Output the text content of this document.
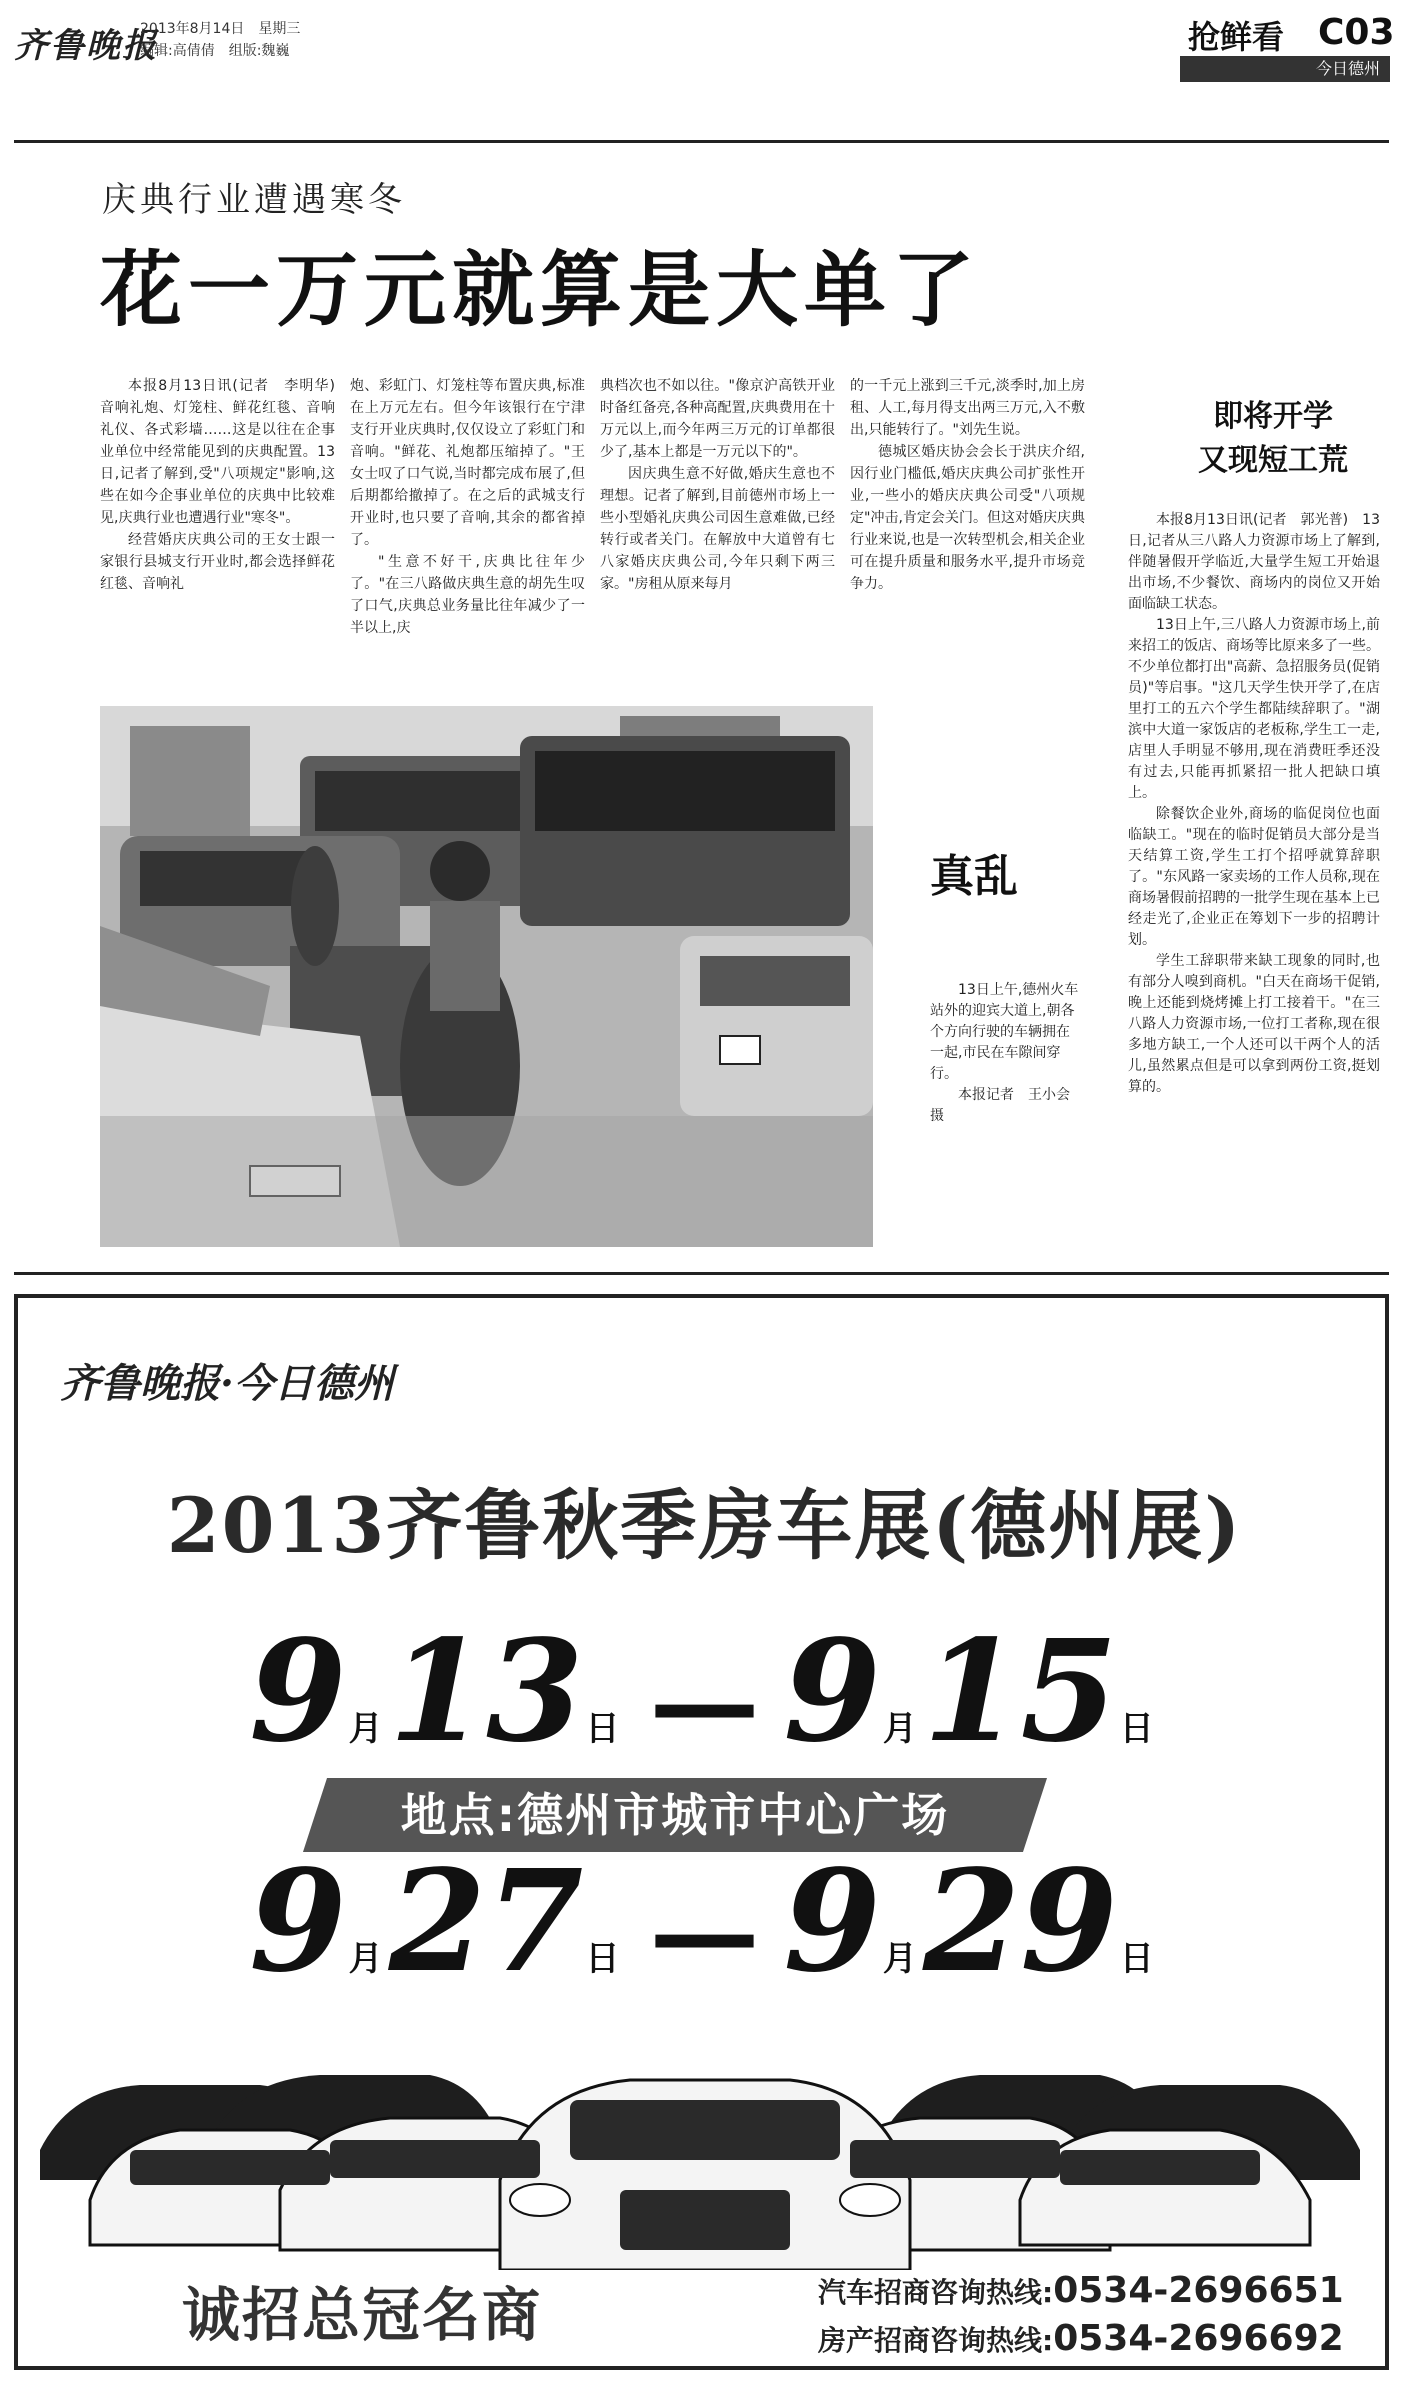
齐鲁晚报
2013年8月14日　星期三
编辑:高倩倩　组版:魏巍	抢鲜看 C03
今日德州
庆典行业遭遇寒冬
花一万元就算是大单了

本报8月13日讯(记者　李明华)　音响礼炮、灯笼柱、鲜花红毯、音响礼仪、各式彩墙……这是以往在企事业单位中经常能见到的庆典配置。13日,记者了解到,受"八项规定"影响,这些在如今企事业单位的庆典中比较难见,庆典行业也遭遇行业"寒冬"。

经营婚庆庆典公司的王女士跟一家银行县城支行开业时,都会选择鲜花红毯、音响礼

炮、彩虹门、灯笼柱等布置庆典,标准在上万元左右。但今年该银行在宁津支行开业庆典时,仅仅设立了彩虹门和音响。"鲜花、礼炮都压缩掉了。"王女士叹了口气说,当时都完成布展了,但后期都给撤掉了。在之后的武城支行开业时,也只要了音响,其余的都省掉了。

"生意不好干,庆典比往年少了。"在三八路做庆典生意的胡先生叹了口气,庆典总业务量比往年减少了一半以上,庆

典档次也不如以往。"像京沪高铁开业时备红备亮,各种高配置,庆典费用在十万元以上,而今年两三万元的订单都很少了,基本上都是一万元以下的"。

因庆典生意不好做,婚庆生意也不理想。记者了解到,目前德州市场上一些小型婚礼庆典公司因生意难做,已经转行或者关门。在解放中大道曾有七八家婚庆庆典公司,今年只剩下两三家。"房租从原来每月

的一千元上涨到三千元,淡季时,加上房租、人工,每月得支出两三万元,入不敷出,只能转行了。"刘先生说。

德城区婚庆协会会长于洪庆介绍,因行业门槛低,婚庆庆典公司扩张性开业,一些小的婚庆庆典公司受"八项规定"冲击,肯定会关门。但这对婚庆庆典行业来说,也是一次转型机会,相关企业可在提升质量和服务水平,提升市场竞争力。

即将开学
又现短工荒

本报8月13日讯(记者　郭光普)　13日,记者从三八路人力资源市场上了解到,伴随暑假开学临近,大量学生短工开始退出市场,不少餐饮、商场内的岗位又开始面临缺工状态。

13日上午,三八路人力资源市场上,前来招工的饭店、商场等比原来多了一些。不少单位都打出"高薪、急招服务员(促销员)"等启事。"这几天学生快开学了,在店里打工的五六个学生都陆续辞职了。"湖滨中大道一家饭店的老板称,学生工一走,店里人手明显不够用,现在消费旺季还没有过去,只能再抓紧招一批人把缺口填上。

除餐饮企业外,商场的临促岗位也面临缺工。"现在的临时促销员大部分是当天结算工资,学生工打个招呼就算辞职了。"东风路一家卖场的工作人员称,现在商场暑假前招聘的一批学生现在基本上已经走光了,企业正在筹划下一步的招聘计划。

学生工辞职带来缺工现象的同时,也有部分人嗅到商机。"白天在商场干促销,晚上还能到烧烤摊上打工接着干。"在三八路人力资源市场,一位打工者称,现在很多地方缺工,一个人还可以干两个人的活儿,虽然累点但是可以拿到两份工资,挺划算的。

真乱

13日上午,德州火车站外的迎宾大道上,朝各个方向行驶的车辆拥在一起,市民在车隙间穿行。

本报记者　王小会　摄

齐鲁晚报·今日德州
2013齐鲁秋季房车展(德州展)
9月13日 — 9月15日
地点:德州市城市中心广场
9月27日 — 9月29日
诚招总冠名商	汽车招商咨询热线:0534-2696651
房产招商咨询热线:0534-2696692
